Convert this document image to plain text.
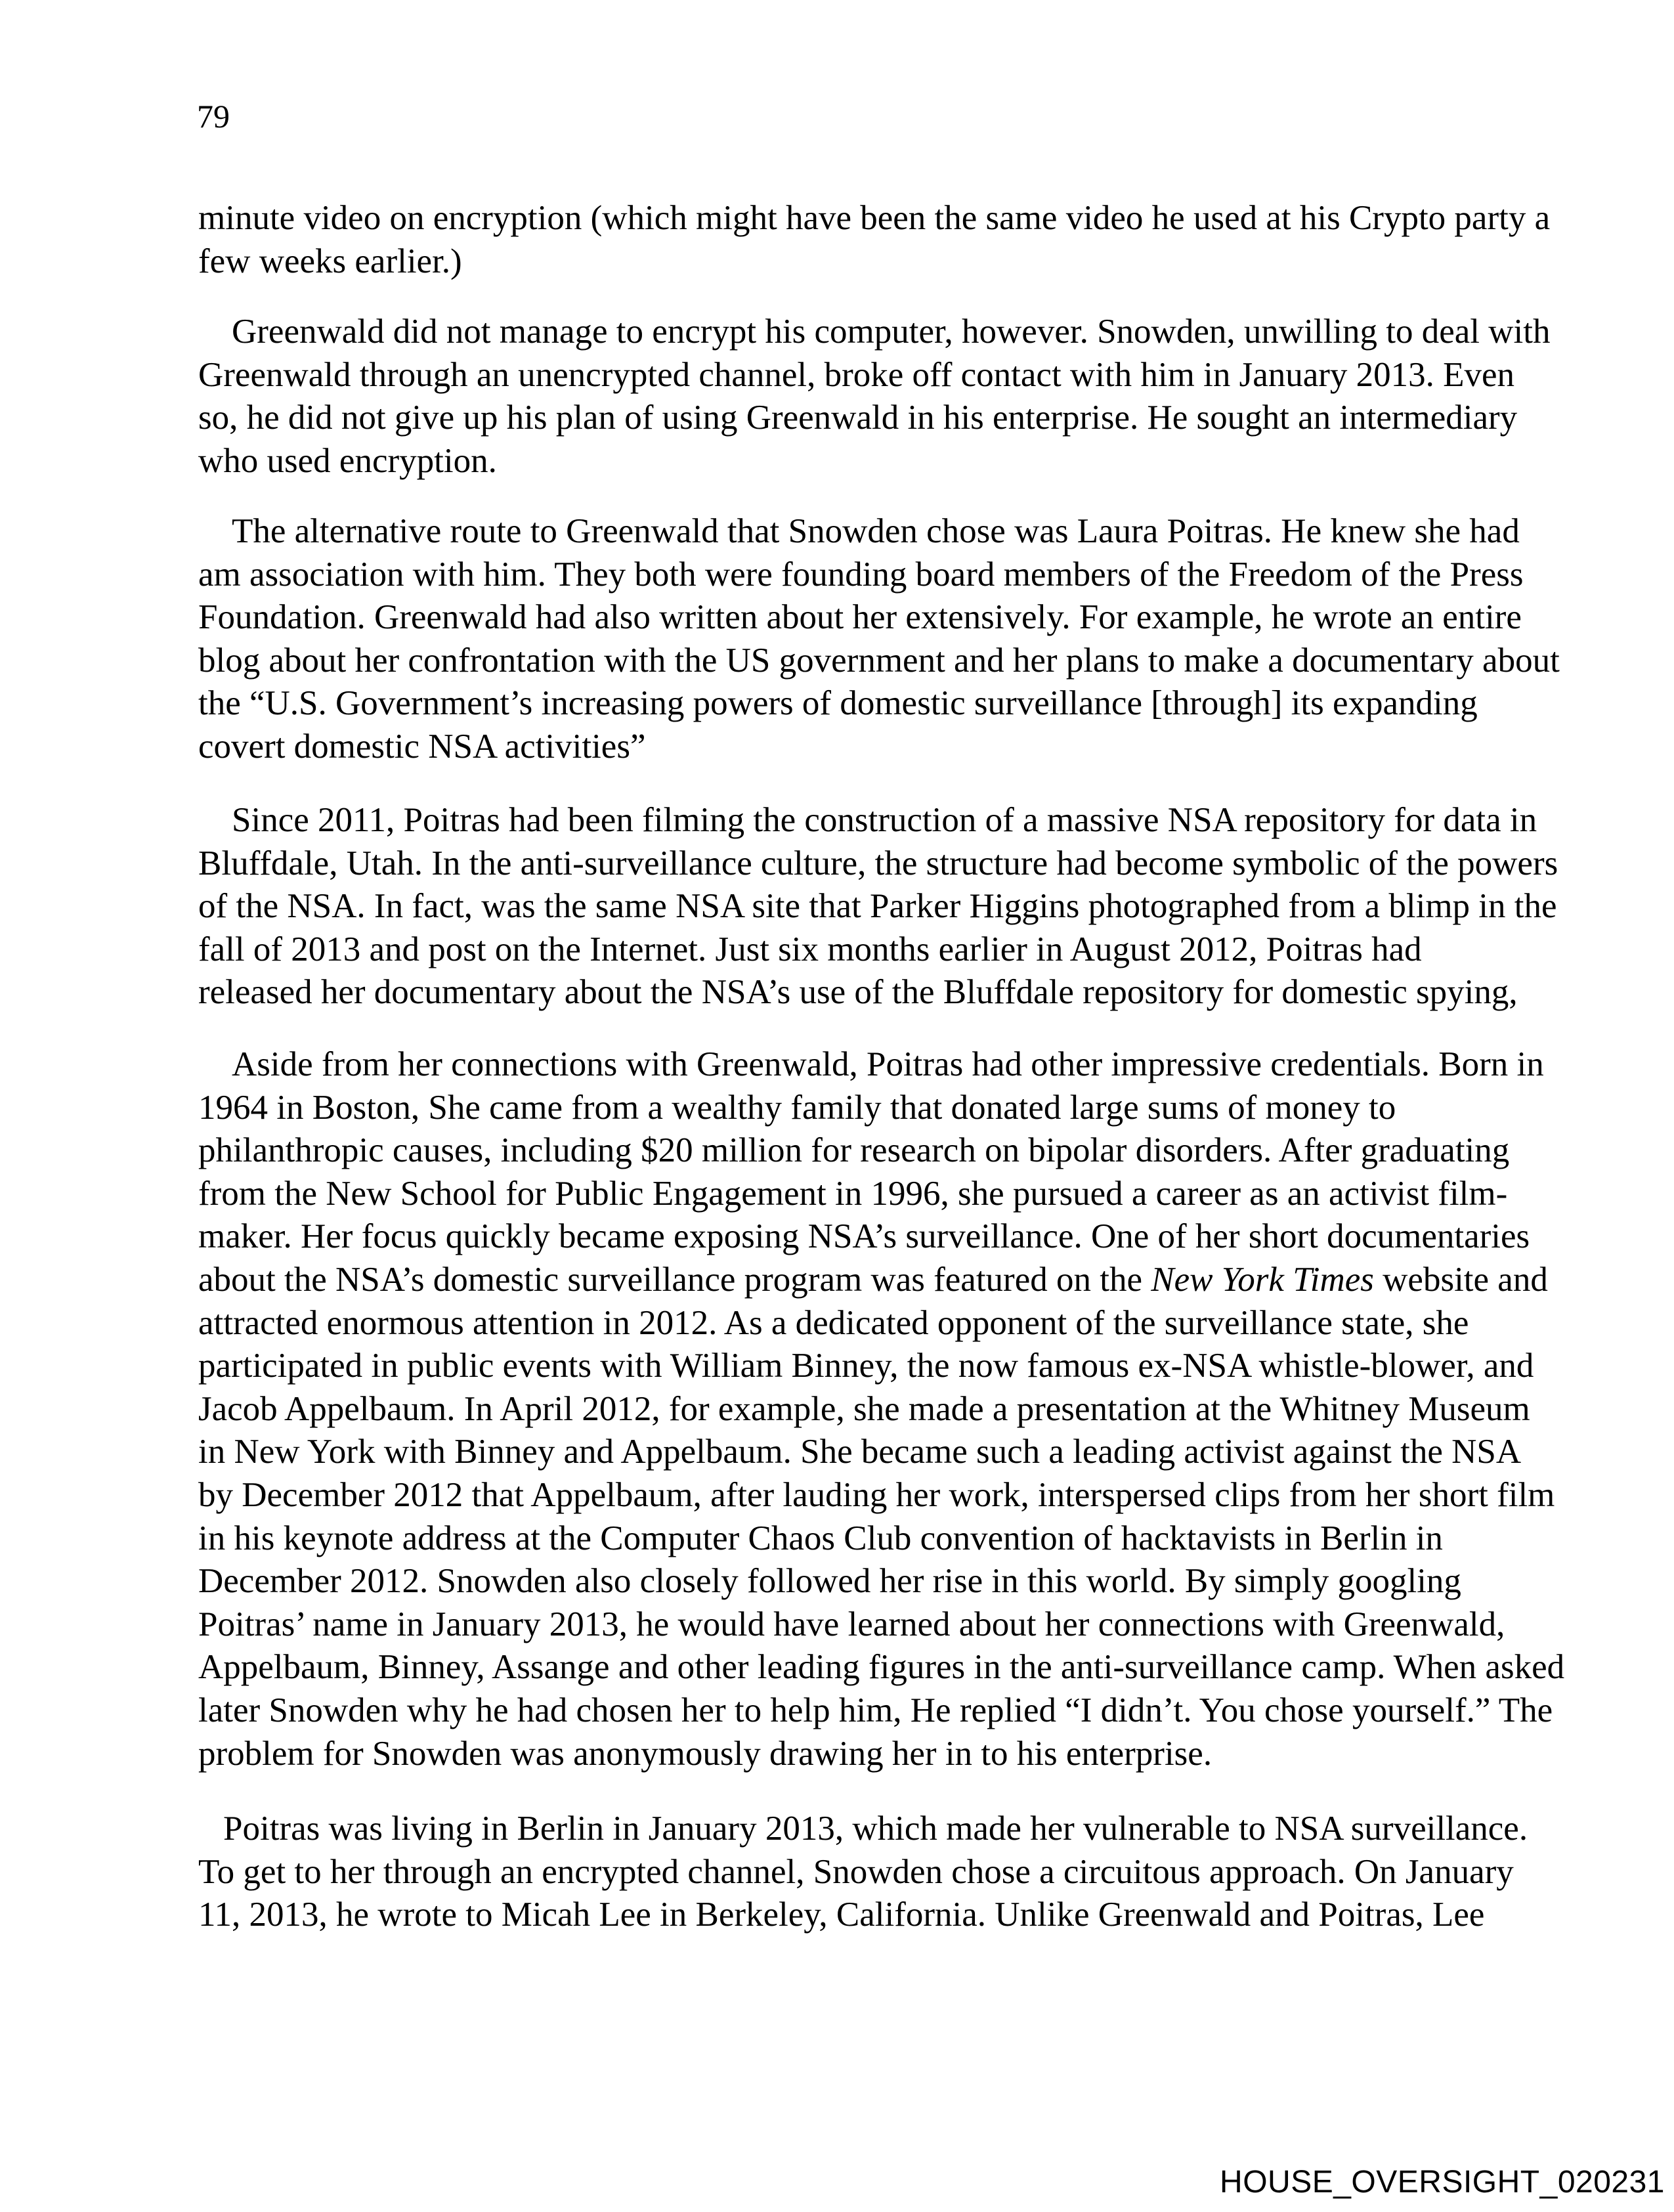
79
minute video on encryption (which might have been the same video he used at his Crypto party a
few weeks earlier.)
Greenwald did not manage to encrypt his computer, however. Snowden, unwilling to deal with
Greenwald through an unencrypted channel, broke off contact with him in January 2013. Even
so, he did not give up his plan of using Greenwald in his enterprise. He sought an intermediary
who used encryption.
The alternative route to Greenwald that Snowden chose was Laura Poitras. He knew she had
am association with him. They both were founding board members of the Freedom of the Press
Foundation. Greenwald had also written about her extensively. For example, he wrote an entire
blog about her confrontation with the US government and her plans to make a documentary about
the “U.S. Government’s increasing powers of domestic surveillance [through] its expanding
covert domestic NSA activities”
Since 2011, Poitras had been filming the construction of a massive NSA repository for data in
Bluffdale, Utah. In the anti-surveillance culture, the structure had become symbolic of the powers
of the NSA. In fact, was the same NSA site that Parker Higgins photographed from a blimp in the
fall of 2013 and post on the Internet. Just six months earlier in August 2012, Poitras had
released her documentary about the NSA’s use of the Bluffdale repository for domestic spying,
Aside from her connections with Greenwald, Poitras had other impressive credentials. Born in
1964 in Boston, She came from a wealthy family that donated large sums of money to
philanthropic causes, including $20 million for research on bipolar disorders. After graduating
from the New School for Public Engagement in 1996, she pursued a career as an activist film-
maker. Her focus quickly became exposing NSA’s surveillance. One of her short documentaries
about the NSA’s domestic surveillance program was featured on the New York Times website and
attracted enormous attention in 2012. As a dedicated opponent of the surveillance state, she
participated in public events with William Binney, the now famous ex-NSA whistle-blower, and
Jacob Appelbaum. In April 2012, for example, she made a presentation at the Whitney Museum
in New York with Binney and Appelbaum. She became such a leading activist against the NSA
by December 2012 that Appelbaum, after lauding her work, interspersed clips from her short film
in his keynote address at the Computer Chaos Club convention of hacktavists in Berlin in
December 2012. Snowden also closely followed her rise in this world. By simply googling
Poitras’ name in January 2013, he would have learned about her connections with Greenwald,
Appelbaum, Binney, Assange and other leading figures in the anti-surveillance camp. When asked
later Snowden why he had chosen her to help him, He replied “I didn’t. You chose yourself.” The
problem for Snowden was anonymously drawing her in to his enterprise.
Poitras was living in Berlin in January 2013, which made her vulnerable to NSA surveillance.
To get to her through an encrypted channel, Snowden chose a circuitous approach. On January
11, 2013, he wrote to Micah Lee in Berkeley, California. Unlike Greenwald and Poitras, Lee
HOUSE_OVERSIGHT_020231
